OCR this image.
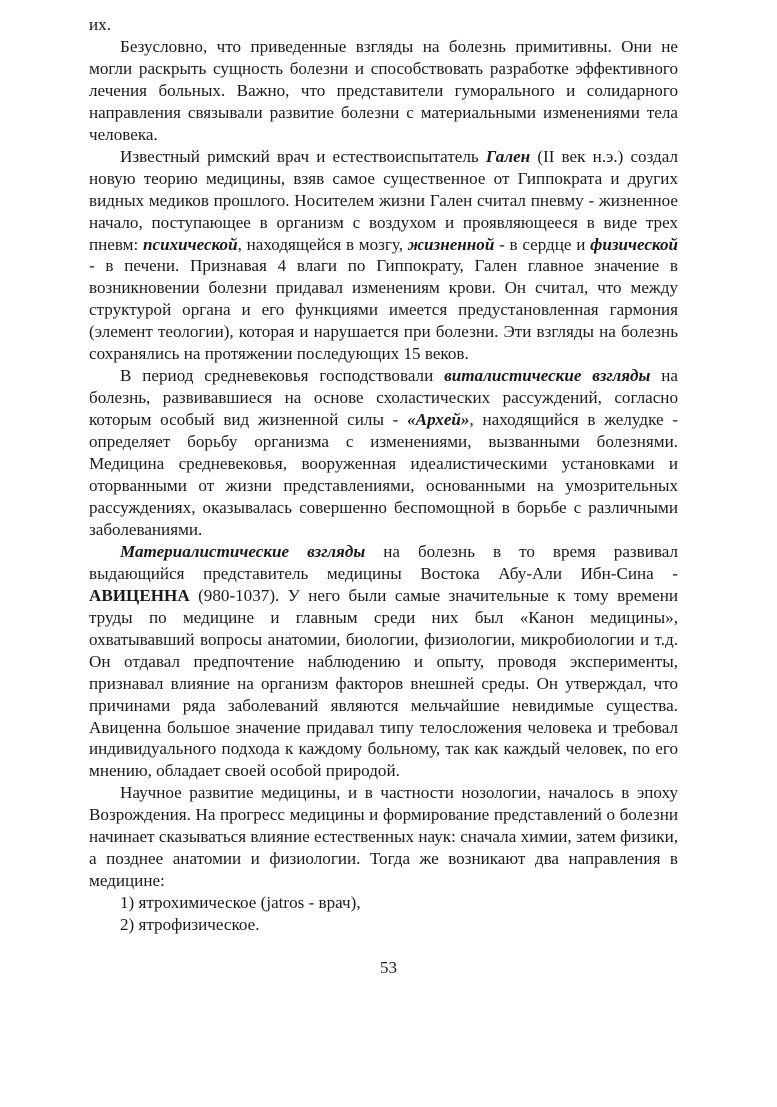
их.

Безусловно, что приведенные взгляды на болезнь примитивны. Они не могли раскрыть сущность болезни и способствовать разработке эффективного лечения больных. Важно, что представители гуморального и солидарного направления связывали развитие болезни с материальными изменениями тела человека.

Известный римский врач и естествоиспытатель Гален (II век н.э.) создал новую теорию медицины, взяв самое существенное от Гиппократа и других видных медиков прошлого. Носителем жизни Гален считал пневму - жизненное начало, поступающее в организм с воздухом и проявляющееся в виде трех пневм: психической, находящейся в мозгу, жизненной - в сердце и физической - в печени. Признавая 4 влаги по Гиппократу, Гален главное значение в возникновении болезни придавал изменениям крови. Он считал, что между структурой органа и его функциями имеется предустановленная гармония (элемент теологии), которая и нарушается при болезни. Эти взгляды на болезнь сохранялись на протяжении последующих 15 веков.

В период средневековья господствовали виталистические взгляды на болезнь, развивавшиеся на основе схоластических рассуждений, согласно которым особый вид жизненной силы - «Архей», находящийся в желудке - определяет борьбу организма с изменениями, вызванными болезнями. Медицина средневековья, вооруженная идеалистическими установками и оторванными от жизни представлениями, основанными на умозрительных рассуждениях, оказывалась совершенно беспомощной в борьбе с различными заболеваниями.

Материалистические взгляды на болезнь в то время развивал выдающийся представитель медицины Востока Абу-Али Ибн-Сина - АВИЦЕННА (980-1037). У него были самые значительные к тому времени труды по медицине и главным среди них был «Канон медицины», охватывавший вопросы анатомии, биологии, физиологии, микробиологии и т.д. Он отдавал предпочтение наблюдению и опыту, проводя эксперименты, признавал влияние на организм факторов внешней среды. Он утверждал, что причинами ряда заболеваний являются мельчайшие невидимые существа. Авиценна большое значение придавал типу телосложения человека и требовал индивидуального подхода к каждому больному, так как каждый человек, по его мнению, обладает своей особой природой.

Научное развитие медицины, и в частности нозологии, началось в эпоху Возрождения. На прогресс медицины и формирование представлений о болезни начинает сказываться влияние естественных наук: сначала химии, затем физики, а позднее анатомии и физиологии. Тогда же возникают два направления в медицине:

1) ятрохимическое (jatros - врач),

2) ятрофизическое.

53
